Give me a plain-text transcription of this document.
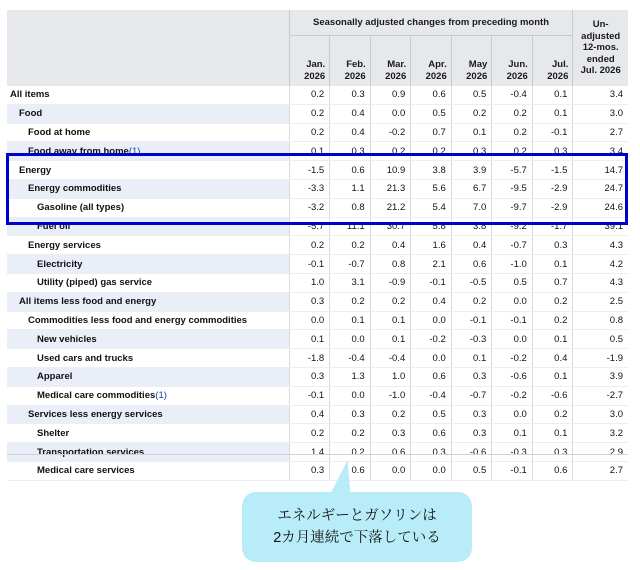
	Seasonally adjusted changes from preceding month							Un-
adjusted
12-mos.
ended
Jul. 2026
	Jan.
2026	Feb.
2026	Mar.
2026	Apr.
2026	May
2026	Jun.
2026	Jul.
2026	
All items	0.2	0.3	0.9	0.6	0.5	-0.4	0.1	3.4
Food	0.2	0.4	0.0	0.5	0.2	0.2	0.1	3.0
Food at home	0.2	0.4	-0.2	0.7	0.1	0.2	-0.1	2.7
Food away from home(1)	0.1	0.3	0.2	0.2	0.3	0.2	0.3	3.4
Energy	-1.5	0.6	10.9	3.8	3.9	-5.7	-1.5	14.7
Energy commodities	-3.3	1.1	21.3	5.6	6.7	-9.5	-2.9	24.7
Gasoline (all types)	-3.2	0.8	21.2	5.4	7.0	-9.7	-2.9	24.6
Fuel oil	-5.7	11.1	30.7	5.8	3.8	-9.2	-1.7	39.1
Energy services	0.2	0.2	0.4	1.6	0.4	-0.7	0.3	4.3
Electricity	-0.1	-0.7	0.8	2.1	0.6	-1.0	0.1	4.2
Utility (piped) gas service	1.0	3.1	-0.9	-0.1	-0.5	0.5	0.7	4.3
All items less food and energy	0.3	0.2	0.2	0.4	0.2	0.0	0.2	2.5
Commodities less food and energy commodities	0.0	0.1	0.1	0.0	-0.1	-0.1	0.2	0.8
New vehicles	0.1	0.0	0.1	-0.2	-0.3	0.0	0.1	0.5
Used cars and trucks	-1.8	-0.4	-0.4	0.0	0.1	-0.2	0.4	-1.9
Apparel	0.3	1.3	1.0	0.6	0.3	-0.6	0.1	3.9
Medical care commodities(1)	-0.1	0.0	-1.0	-0.4	-0.7	-0.2	-0.6	-2.7
Services less energy services	0.4	0.3	0.2	0.5	0.3	0.0	0.2	3.0
Shelter	0.2	0.2	0.3	0.6	0.3	0.1	0.1	3.2
Transportation services	1.4	0.2	0.6	0.3	-0.6	-0.3	0.3	2.9
Medical care services	0.3	0.6	0.0	0.0	0.5	-0.1	0.6	2.7
エネルギーとガソリンは
2カ月連続で下落している
